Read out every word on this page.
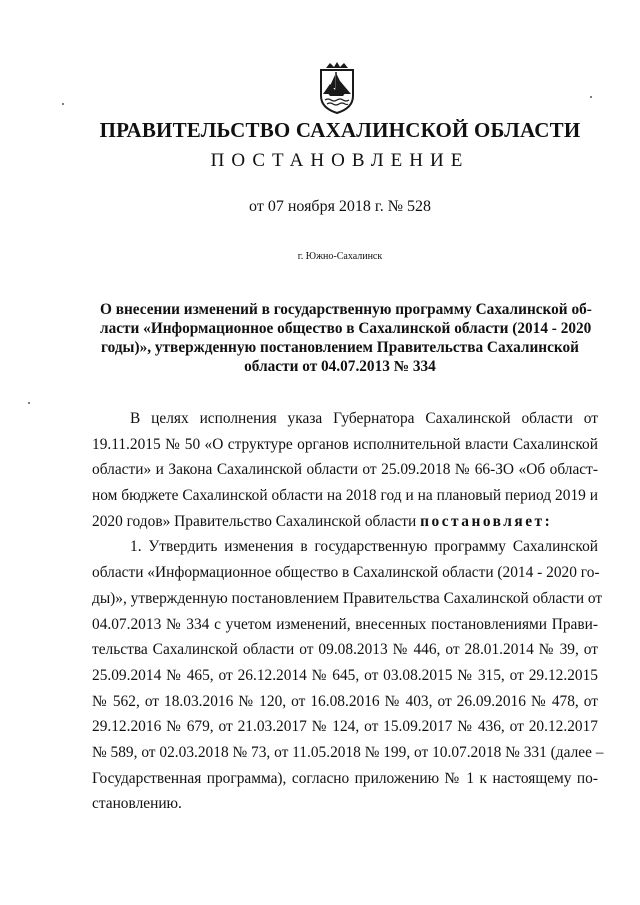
ПРАВИТЕЛЬСТВО САХАЛИНСКОЙ ОБЛАСТИ
ПОСТАНОВЛЕНИЕ
от 07 ноября 2018 г. № 528
г. Южно-Сахалинск
О внесении изменений в государственную программу Сахалинской об-
ласти «Информационное общество в Сахалинской области (2014 - 2020
годы)», утвержденную постановлением Правительства Сахалинской
области от 04.07.2013 № 334
В целях исполнения указа Губернатора Сахалинской области от
19.11.2015 № 50 «О структуре органов исполнительной власти Сахалинской
области» и Закона Сахалинской области от 25.09.2018 № 66-ЗО «Об област-
ном бюджете Сахалинской области на 2018 год и на плановый период 2019 и
2020 годов» Правительство Сахалинской области постановляет:
1. Утвердить изменения в государственную программу Сахалинской
области «Информационное общество в Сахалинской области (2014 - 2020 го-
ды)», утвержденную постановлением Правительства Сахалинской области от
04.07.2013 № 334 с учетом изменений, внесенных постановлениями Прави-
тельства Сахалинской области от 09.08.2013 № 446, от 28.01.2014 № 39, от
25.09.2014 № 465, от 26.12.2014 № 645, от 03.08.2015 № 315, от 29.12.2015
№ 562, от 18.03.2016 № 120, от 16.08.2016 № 403, от 26.09.2016 № 478, от
29.12.2016 № 679, от 21.03.2017 № 124, от 15.09.2017 № 436, от 20.12.2017
№ 589, от 02.03.2018 № 73, от 11.05.2018 № 199, от 10.07.2018 № 331 (далее –
Государственная программа), согласно приложению № 1 к настоящему по-
становлению.
